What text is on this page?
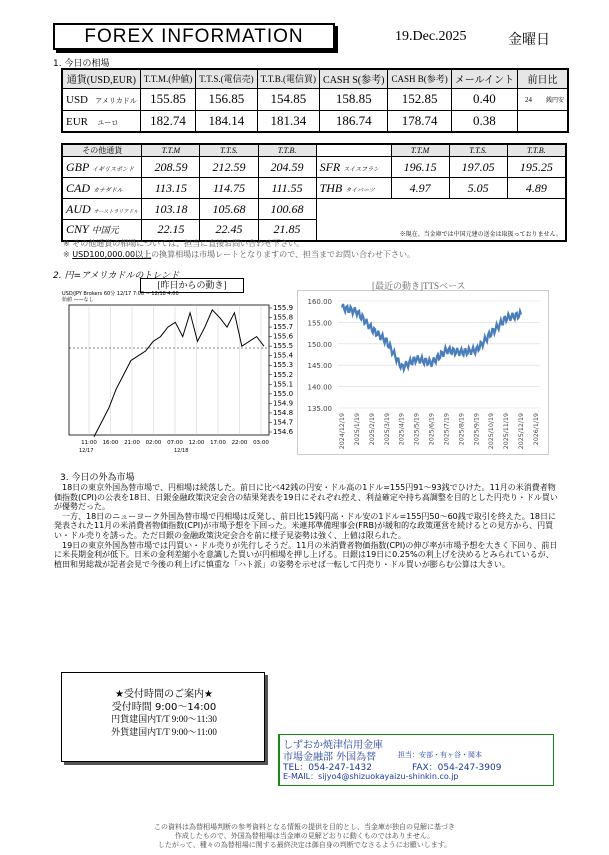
FOREX INFORMATION	19.Dec.2025	金曜日
1. 今日の相場
通貨(USD,EUR)	T.T.M.(仲値)	T.T.S.(電信売)	T.T.B.(電信買)	CASH S(参考)	CASH B(参考)	メールイント	前日比
USD アメリカドル	155.85	156.85	154.85	158.85	152.85	0.40	24 銭円安
EUR ユーロ	182.74	184.14	181.34	186.74	178.74	0.38	
その他通貨	T.T.M	T.T.S.	T.T.B.		T.T.M	T.T.S.	T.T.B.
GBP イギリスポンド	208.59	212.59	204.59	SFR スイスフラン	196.15	197.05	195.25
CAD カナダドル	113.15	114.75	111.55	THB タイバーツ	4.97	5.05	4.89
AUD オーストラリアドル	103.18	105.68	100.68	※現在、当金庫では中国元建の送金は取扱っておりません。			
CNY 中国元	22.15	22.45	21.85				
※ その他通貨の相場については、担当に直接お問い合わせ下さい。
※ USD100,000.00以上の換算相場は市場レートとなりますので、担当までお問い合わせ下さい。
2. 円=アメリカドルのトレンド
[昨日からの動き]
USD/JPY Brokers 60分 12/17 7:00 ~ 12/18 4:00
始値 ——なし
155.9
155.8
155.7
155.6
155.5
155.4
155.3
155.2
155.1
155.0
154.9
154.8
154.7
154.6
11:00 16:00 21:00 02:00 07:00 12:00 17:00 22:00 03:00
12/17	12/18
[最近の動き]TTSベース
160.00
155.00
150.00
145.00
140.00
135.00
2024/12/19 2025/1/19 2025/2/19 2025/3/19 2025/4/19 2025/5/19 2025/6/19 2025/7/19 2025/8/19 2025/9/19 2025/10/19 2025/11/19 2025/12/19 2026/1/19
3. 今日の外為市場

18日の東京外国為替市場で、円相場は続落した。前日に比べ42銭の円安・ドル高の1ドル=155円91～93銭でひけた。11月の米消費者物価指数(CPI)の公表を18日、日銀金融政策決定会合の結果発表を19日にそれぞれ控え、利益確定や持ち高調整を目的とした円売り・ドル買いが優勢だった。

一方、18日のニューヨーク外国為替市場で円相場は反発し、前日比15銭円高・ドル安の1ドル=155円50～60銭で取引を終えた。18日に発表された11月の米消費者物価指数(CPI)が市場予想を下回った。米連邦準備理事会(FRB)が緩和的な政策運営を続けるとの見方から、円買い・ドル売りを誘った。ただ日銀の金融政策決定会合を前に様子見姿勢は強く、上値は限られた。

19日の東京外国為替市場では円買い・ドル売りが先行しそうだ。11月の米消費者物価指数(CPI)の伸び率が市場予想を大きく下回り、前日に米長期金利が低下。日米の金利差縮小を意識した買いが円相場を押し上げる。日銀は19日に0.25%の利上げを決めるとみられているが、植田和男総裁が記者会見で今後の利上げに慎重な「ハト派」の姿勢を示せば一転して円売り・ドル買いが膨らむ公算は大きい。

★受付時間のご案内★
受付時間 9:00～14:00
円貨建国内T/T 9:00～11:30
外貨建国内T/T 9:00～11:00
しずおか焼津信用金庫
市場金融部 外国為替	担当：安部・有ヶ谷・岡本
TEL：054-247-1432	FAX：054-247-3909
E-MAIL：sijyo4@shizuokayaizu-shinkin.co.jp
この資料は為替相場判断の参考資料となる情報の提供を目的とし、当金庫が独自の見解に基づき
作成したもので、外国為替相場は当金庫の見解どおりに動くものではありません。
したがって、種々の為替相場に関する最終決定は御自身の判断でなさるようにお願いします。
